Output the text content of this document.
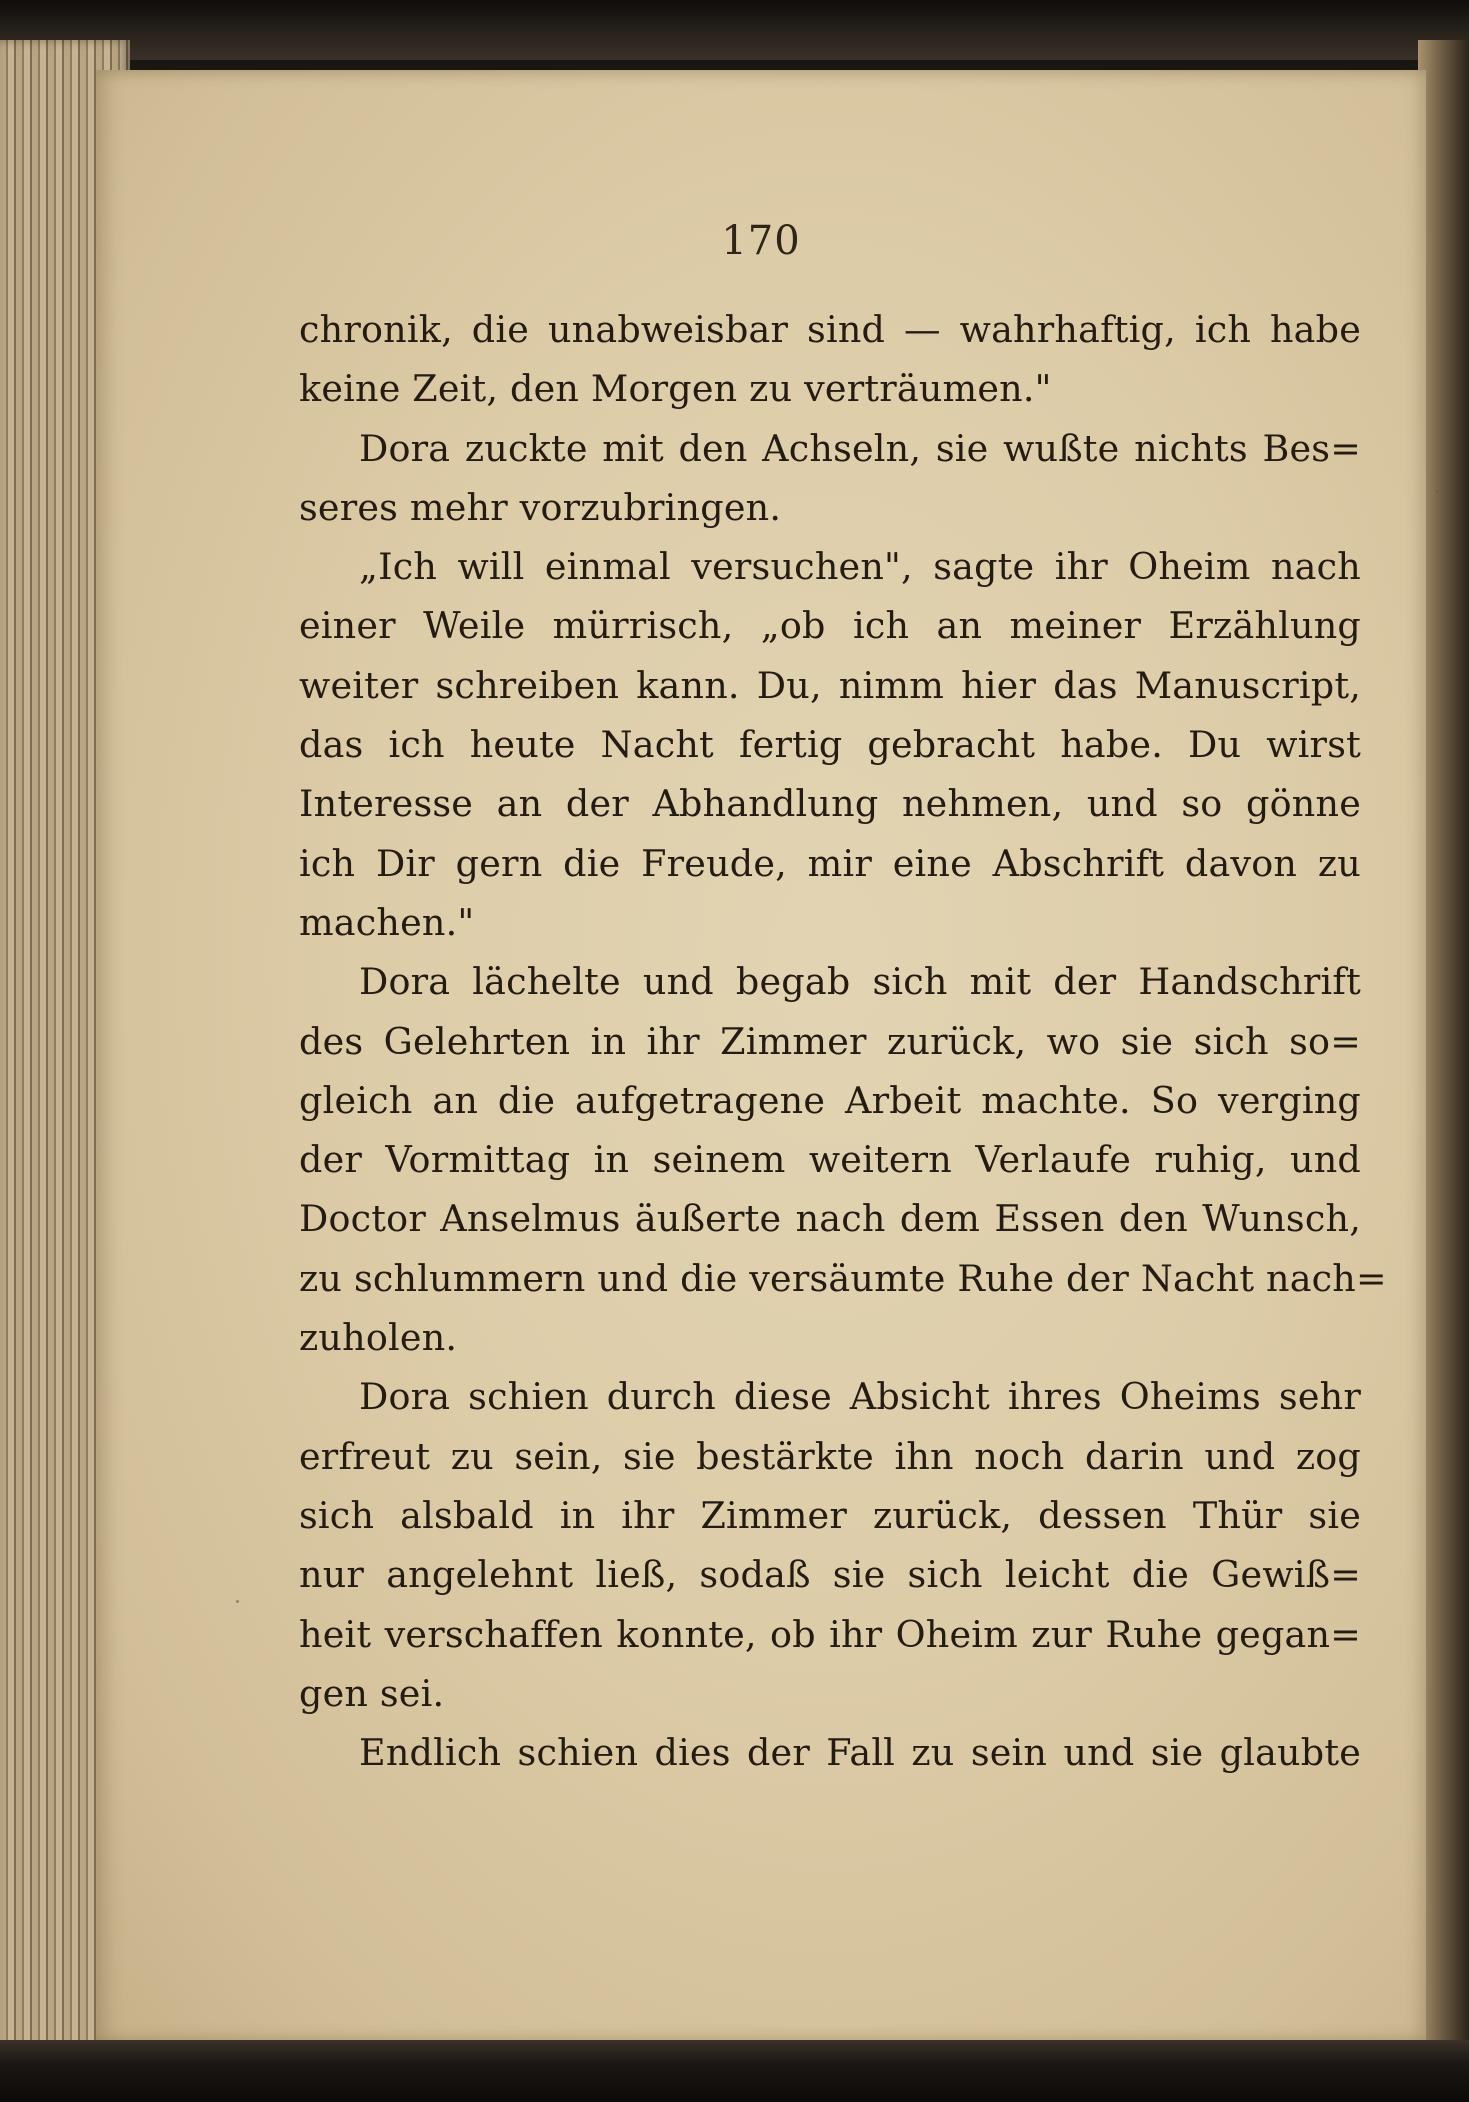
170
chronik, die unabweisbar sind — wahrhaftig, ich habe
keine Zeit, den Morgen zu verträumen."
Dora zuckte mit den Achseln, sie wußte nichts Bes=
seres mehr vorzubringen.
„Ich will einmal versuchen", sagte ihr Oheim nach
einer Weile mürrisch, „ob ich an meiner Erzählung
weiter schreiben kann. Du, nimm hier das Manuscript,
das ich heute Nacht fertig gebracht habe. Du wirst
Interesse an der Abhandlung nehmen, und so gönne
ich Dir gern die Freude, mir eine Abschrift davon zu
machen."
Dora lächelte und begab sich mit der Handschrift
des Gelehrten in ihr Zimmer zurück, wo sie sich so=
gleich an die aufgetragene Arbeit machte. So verging
der Vormittag in seinem weitern Verlaufe ruhig, und
Doctor Anselmus äußerte nach dem Essen den Wunsch,
zu schlummern und die versäumte Ruhe der Nacht nach=
zuholen.
Dora schien durch diese Absicht ihres Oheims sehr
erfreut zu sein, sie bestärkte ihn noch darin und zog
sich alsbald in ihr Zimmer zurück, dessen Thür sie
nur angelehnt ließ, sodaß sie sich leicht die Gewiß=
heit verschaffen konnte, ob ihr Oheim zur Ruhe gegan=
gen sei.
Endlich schien dies der Fall zu sein und sie glaubte
